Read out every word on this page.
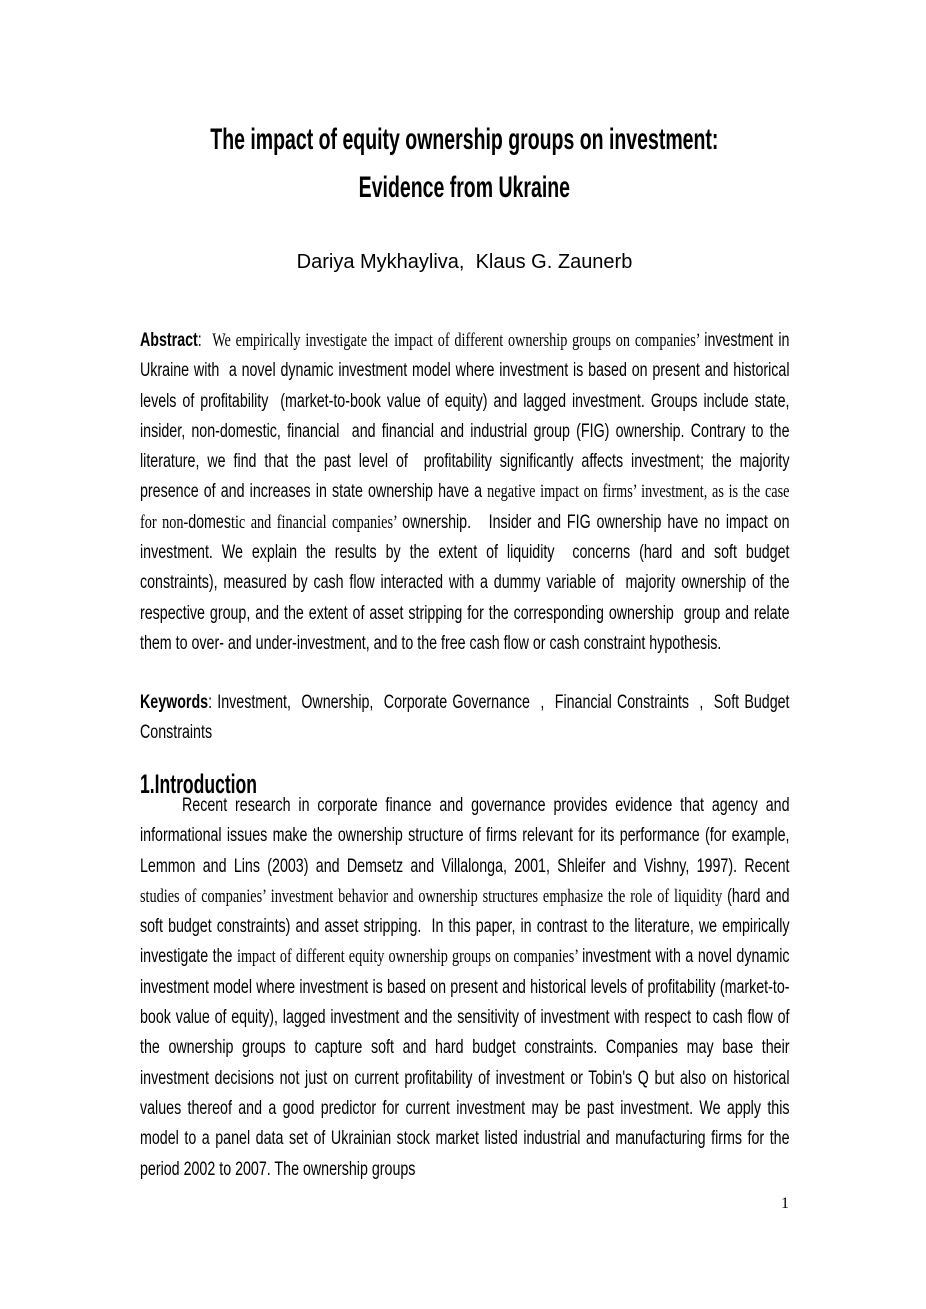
The impact of equity ownership groups on investment:
Evidence from Ukraine
Dariya Mykhayliva,  Klaus G. Zaunerb

Abstract:  We empirically investigate the impact of different ownership groups on companies’ investment in Ukraine with  a novel dynamic investment model where investment is based on present and historical levels of profitability  (market-to-book value of equity) and lagged investment. Groups include state, insider, non-domestic, financial  and financial and industrial group (FIG) ownership. Contrary to the literature, we find that the past level of  profitability significantly affects investment; the majority presence of and increases in state ownership have a negative impact on firms’ investment, as is the case for non-domestic and financial companies’ ownership.   Insider and FIG ownership have no impact on investment. We explain the results by the extent of liquidity  concerns (hard and soft budget constraints), measured by cash flow interacted with a dummy variable of  majority ownership of the respective group, and the extent of asset stripping for the corresponding ownership  group and relate them to over- and under-investment, and to the free cash flow or cash constraint hypothesis.

Keywords: Investment,  Ownership,  Corporate Governance  ,  Financial Constraints  ,  Soft Budget Constraints

1.Introduction

Recent research in corporate finance and governance provides evidence that agency and informational issues make the ownership structure of firms relevant for its performance (for example, Lemmon and Lins (2003) and Demsetz and Villalonga, 2001, Shleifer and Vishny, 1997). Recent studies of companies’ investment behavior and ownership structures emphasize the role of liquidity (hard and soft budget constraints) and asset stripping.  In this paper, in contrast to the literature, we empirically investigate the impact of different equity ownership groups on companies’ investment with a novel dynamic investment model where investment is based on present and historical levels of profitability (market-to-book value of equity), lagged investment and the sensitivity of investment with respect to cash flow of the ownership groups to capture soft and hard budget constraints. Companies may base their investment decisions not just on current profitability of investment or Tobin's Q but also on historical values thereof and a good predictor for current investment may be past investment. We apply this model to a panel data set of Ukrainian stock market listed industrial and manufacturing firms for the period 2002 to 2007. The ownership groups

1
